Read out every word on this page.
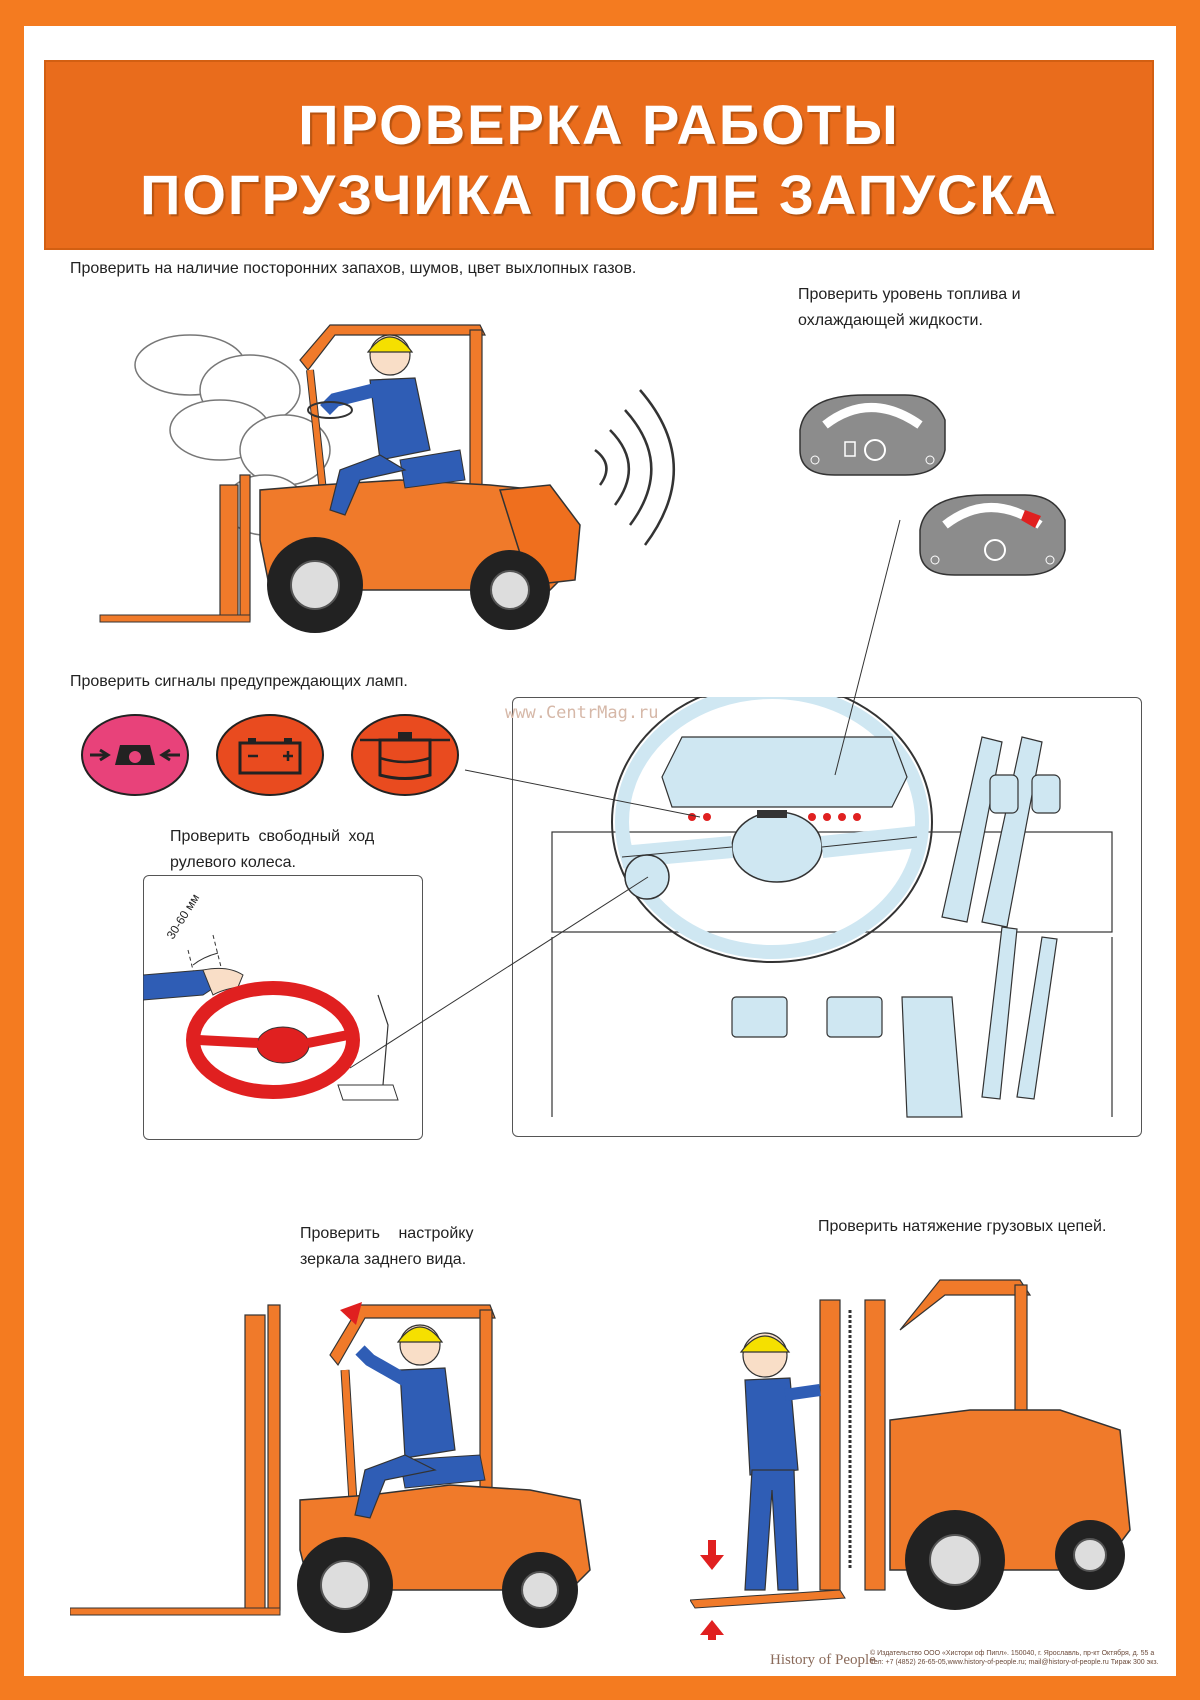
ПРОВЕРКА РАБОТЫ
ПОГРУЗЧИКА ПОСЛЕ ЗАПУСКА
Проверить на наличие посторонних запахов, шумов, цвет выхлопных газов.
Проверить уровень топлива и
охлаждающей жидкости.
Проверить сигналы предупреждающих ламп.
Проверить свободный ход
рулевого колеса.
Проверить настройку
зеркала заднего вида.
Проверить натяжение грузовых цепей.
30-60 мм
www.CentrMag.ru
History of People
© Издательство ООО «Хистори оф Пипл». 150040, г. Ярославль, пр-кт Октября, д. 55 а
Тел: +7 (4852) 26-65-05,www.history-of-people.ru; mail@history-of-people.ru Тираж 300 экз.
